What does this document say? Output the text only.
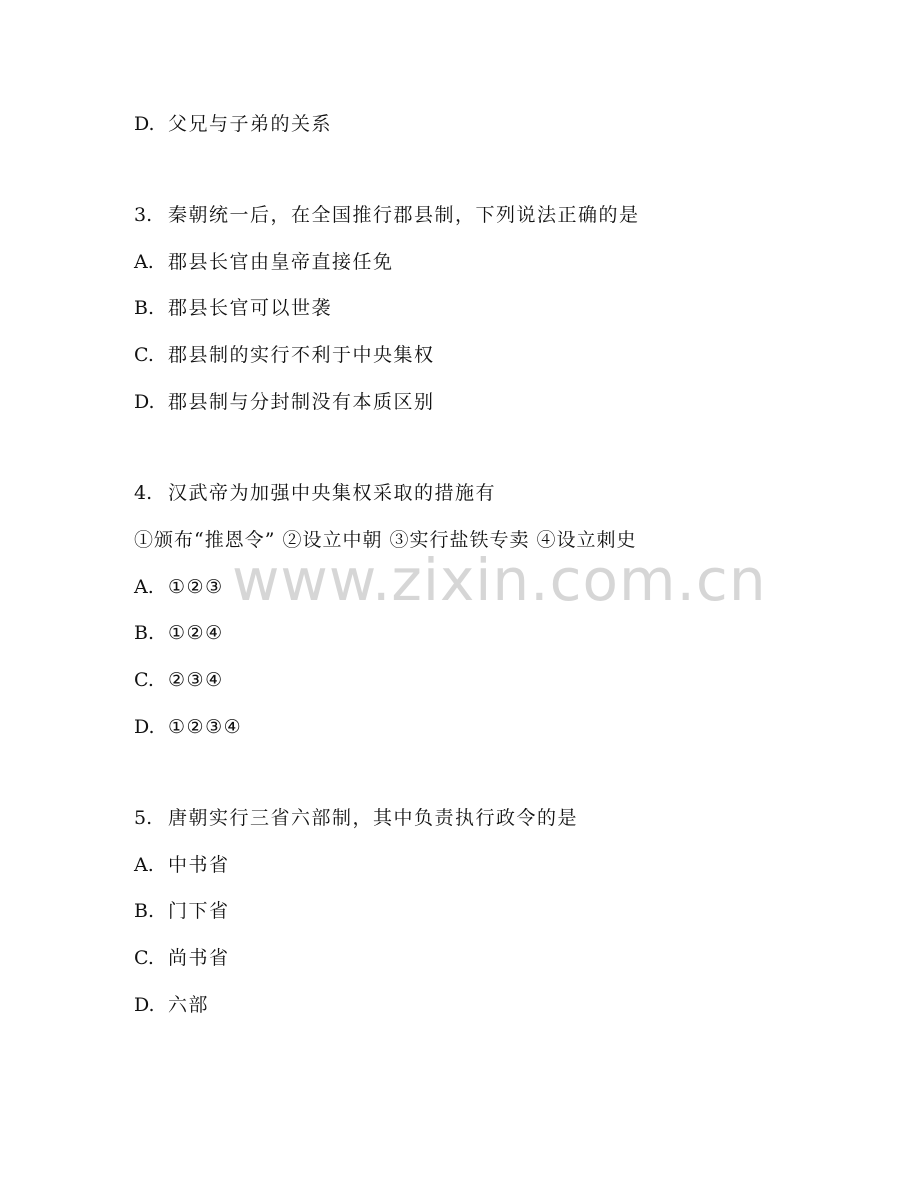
www.zixin.com.cn
D. 父兄与子弟的关系
3. 秦朝统一后，在全国推行郡县制，下列说法正确的是
A. 郡县长官由皇帝直接任免
B. 郡县长官可以世袭
C. 郡县制的实行不利于中央集权
D. 郡县制与分封制没有本质区别
4. 汉武帝为加强中央集权采取的措施有
①颁布“推恩令” ②设立中朝 ③实行盐铁专卖 ④设立刺史
A. ①②③
B. ①②④
C. ②③④
D. ①②③④
5. 唐朝实行三省六部制，其中负责执行政令的是
A. 中书省
B. 门下省
C. 尚书省
D. 六部
